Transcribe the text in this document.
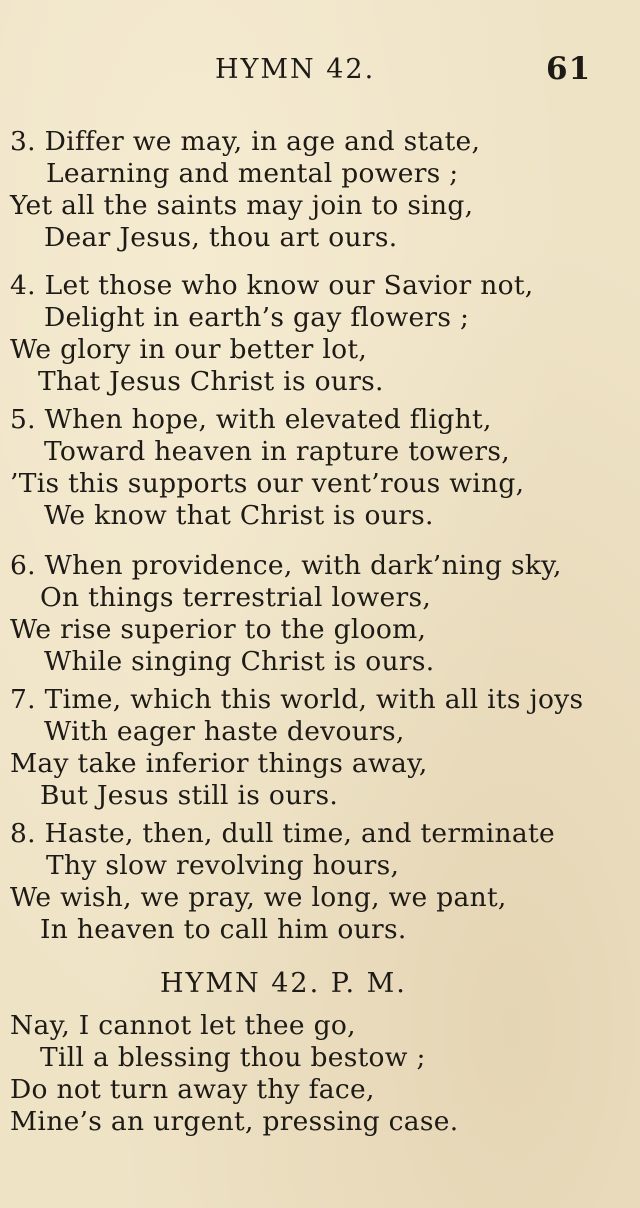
HYMN 42.	61
3. Differ we may, in age and state,
Learning and mental powers ;
Yet all the saints may join to sing,
Dear Jesus, thou art ours.
4. Let those who know our Savior not,
Delight in earth’s gay flowers ;
We glory in our better lot,
That Jesus Christ is ours.
5. When hope, with elevated flight,
Toward heaven in rapture towers,
’Tis this supports our vent’rous wing,
We know that Christ is ours.
6. When providence, with dark’ning sky,
On things terrestrial lowers,
We rise superior to the gloom,
While singing Christ is ours.
7. Time, which this world, with all its joys
With eager haste devours,
May take inferior things away,
But Jesus still is ours.
8. Haste, then, dull time, and terminate
Thy slow revolving hours,
We wish, we pray, we long, we pant,
In heaven to call him ours.
HYMN 42. P. M.
Nay, I cannot let thee go,
Till a blessing thou bestow ;
Do not turn away thy face,
Mine’s an urgent, pressing case.
